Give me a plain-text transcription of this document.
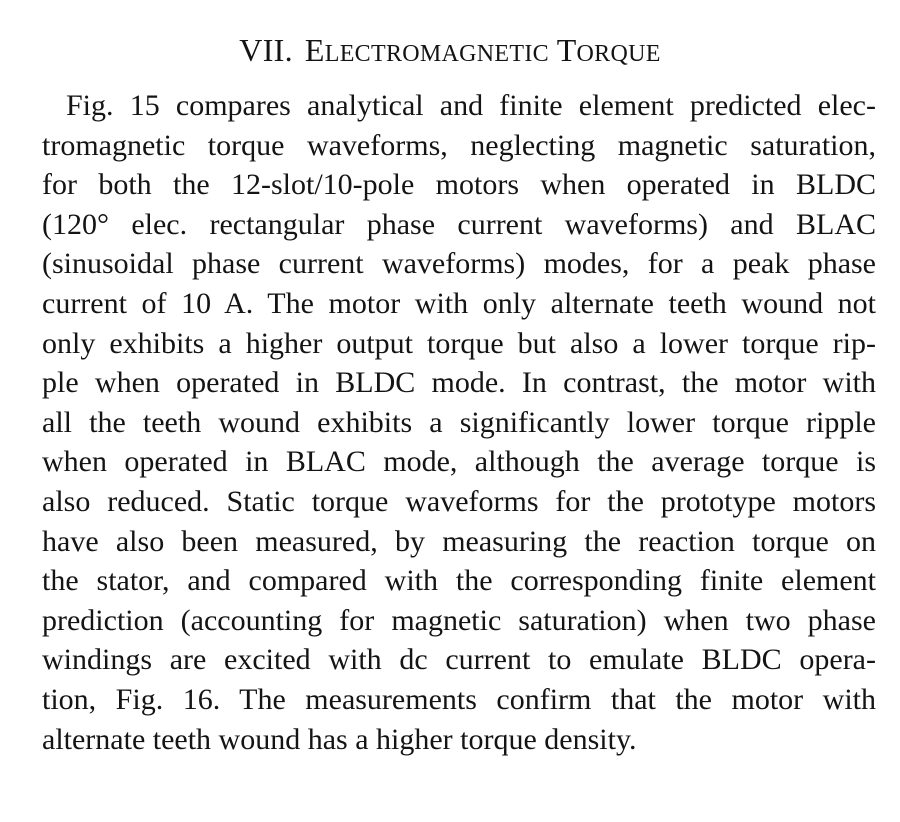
VII. ELECTROMAGNETIC TORQUE
Fig. 15 compares analytical and finite element predicted elec-
tromagnetic torque waveforms, neglecting magnetic saturation,
for both the 12-slot/10-pole motors when operated in BLDC
(120° elec. rectangular phase current waveforms) and BLAC
(sinusoidal phase current waveforms) modes, for a peak phase
current of 10 A. The motor with only alternate teeth wound not
only exhibits a higher output torque but also a lower torque rip-
ple when operated in BLDC mode. In contrast, the motor with
all the teeth wound exhibits a significantly lower torque ripple
when operated in BLAC mode, although the average torque is
also reduced. Static torque waveforms for the prototype motors
have also been measured, by measuring the reaction torque on
the stator, and compared with the corresponding finite element
prediction (accounting for magnetic saturation) when two phase
windings are excited with dc current to emulate BLDC opera-
tion, Fig. 16. The measurements confirm that the motor with
alternate teeth wound has a higher torque density.
